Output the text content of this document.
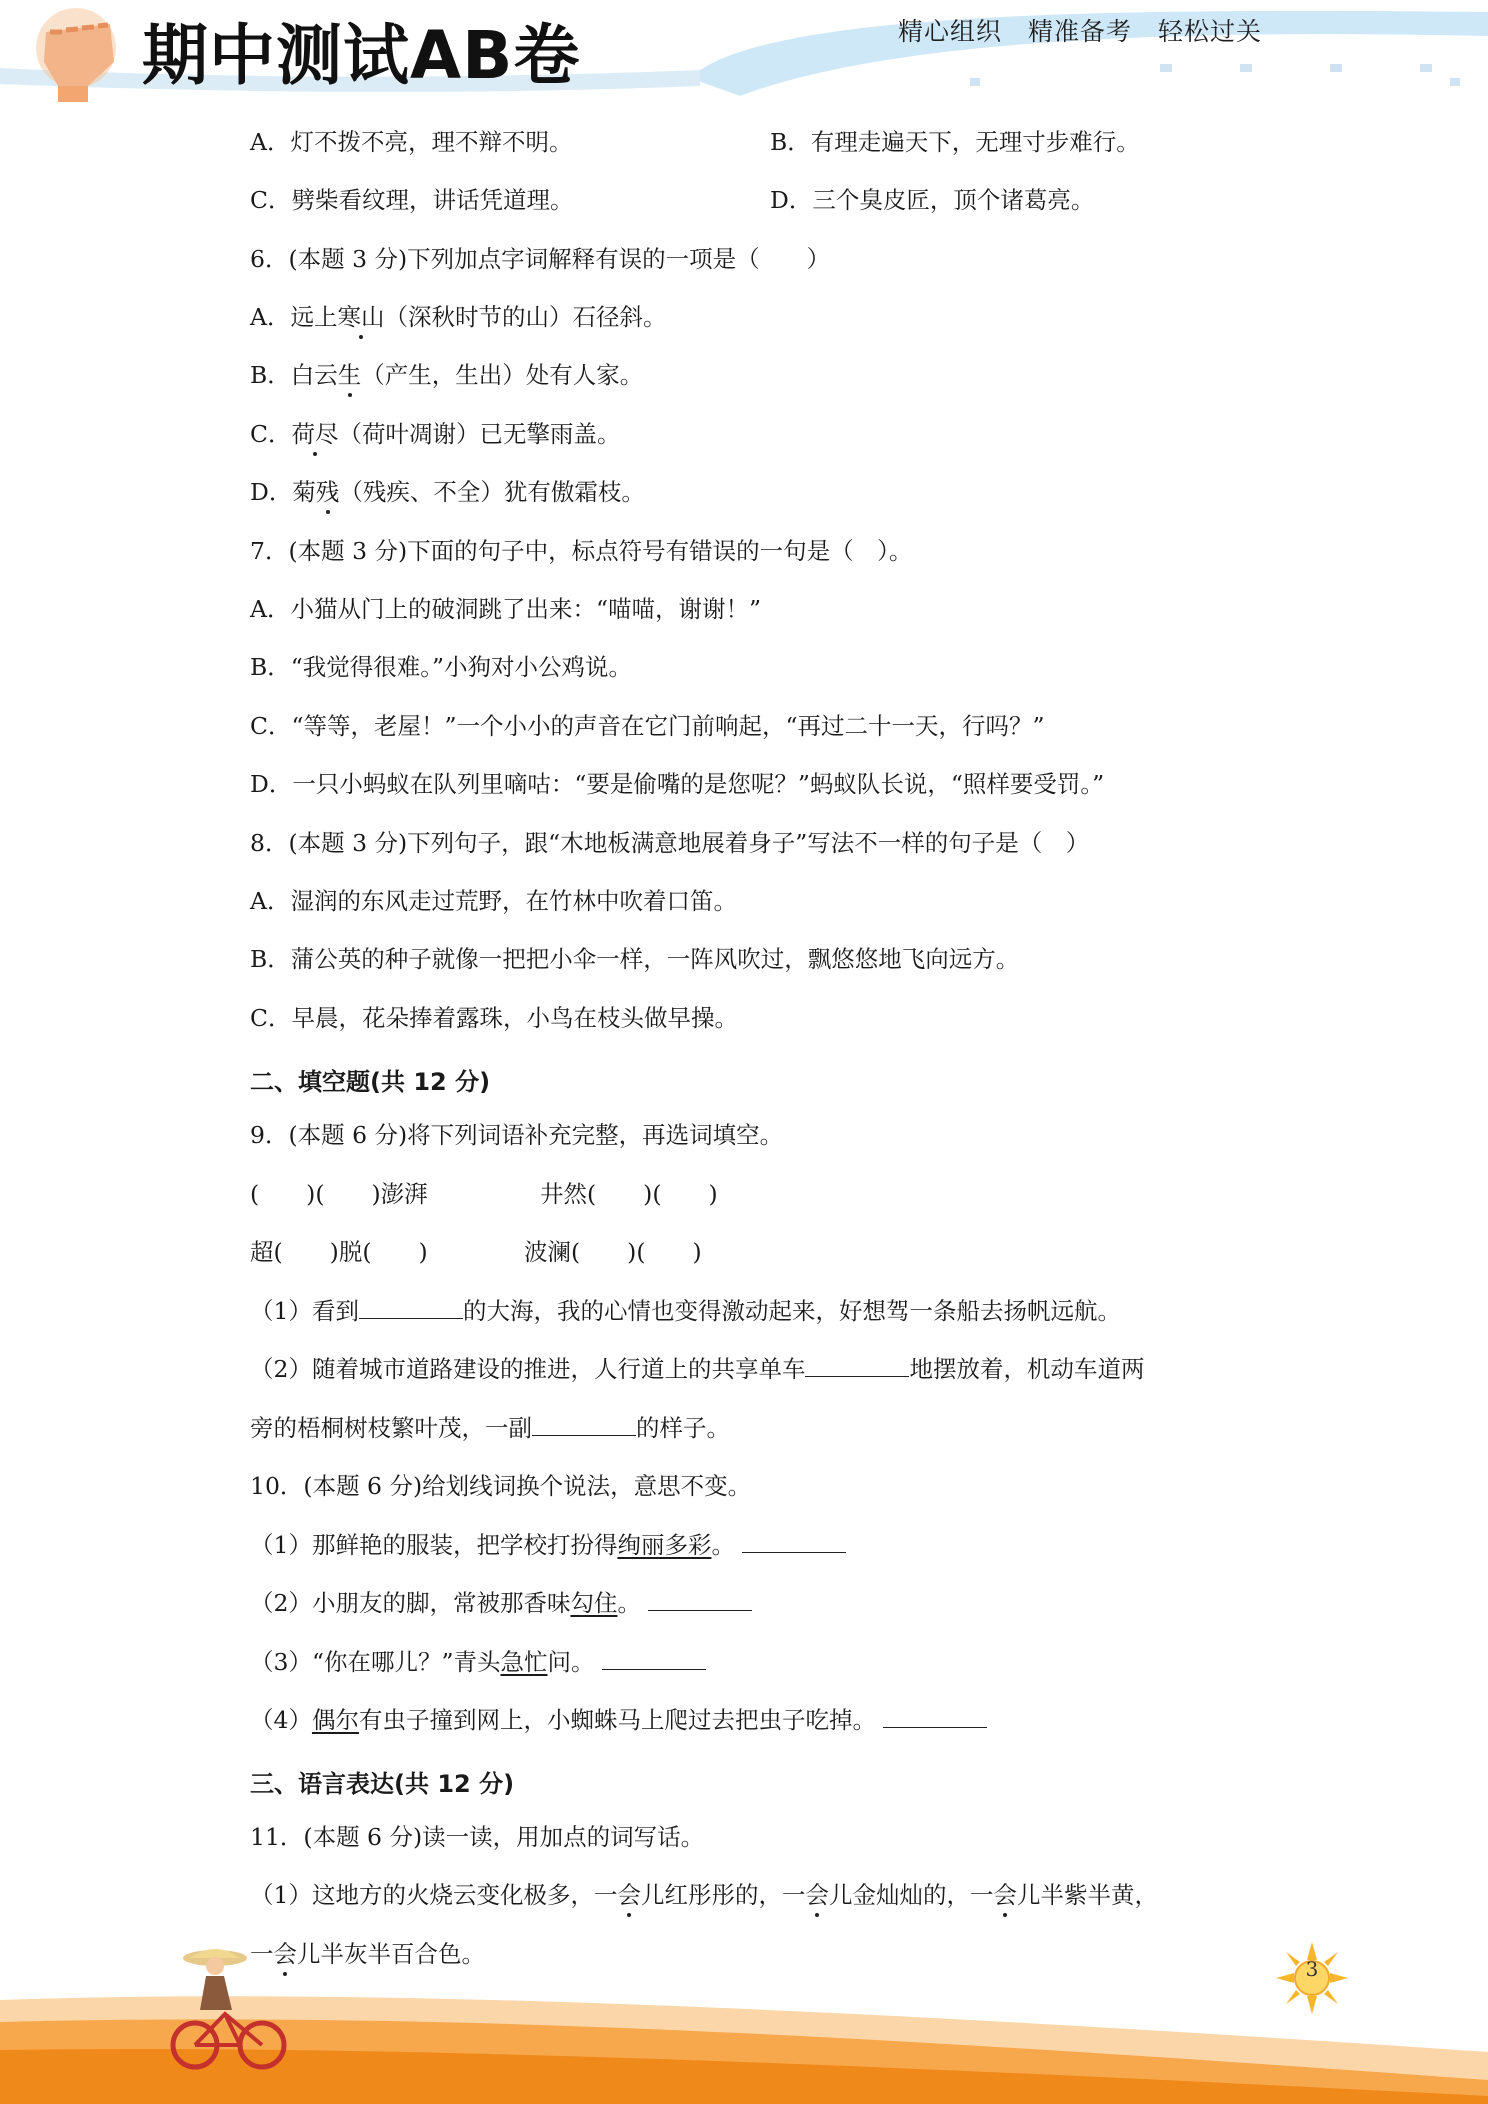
期中测试AB卷	精心组织　精准备考　轻松过关
A．灯不拨不亮，理不辩不明。	B．有理走遍天下，无理寸步难行。
C．劈柴看纹理，讲话凭道理。	D．三个臭皮匠，顶个诸葛亮。
6．(本题 3 分)下列加点字词解释有误的一项是（　　）
A．远上寒山（深秋时节的山）石径斜。
B．白云生（产生，生出）处有人家。
C．荷尽（荷叶凋谢）已无擎雨盖。
D．菊残（残疾、不全）犹有傲霜枝。
7．(本题 3 分)下面的句子中，标点符号有错误的一句是（　）。
A．小猫从门上的破洞跳了出来：“喵喵，谢谢！”
B．“我觉得很难。”小狗对小公鸡说。
C．“等等，老屋！”一个小小的声音在它门前响起，“再过二十一天，行吗？”
D．一只小蚂蚁在队列里嘀咕：“要是偷嘴的是您呢？”蚂蚁队长说，“照样要受罚。”
8．(本题 3 分)下列句子，跟“木地板满意地展着身子”写法不一样的句子是（　）
A．湿润的东风走过荒野，在竹林中吹着口笛。
B．蒲公英的种子就像一把把小伞一样，一阵风吹过，飘悠悠地飞向远方。
C．早晨，花朵捧着露珠，小鸟在枝头做早操。
二、填空题(共 12 分)
9．(本题 6 分)将下列词语补充完整，再选词填空。
(　　)(　　)澎湃	井然(　　)(　　)
超(　　)脱(　　)	波澜(　　)(　　)
（1）看到	的大海，我的心情也变得激动起来，好想驾一条船去扬帆远航。
（2）随着城市道路建设的推进，人行道上的共享单车	地摆放着，机动车道两
旁的梧桐树枝繁叶茂，一副	的样子。
10．(本题 6 分)给划线词换个说法，意思不变。
（1）那鲜艳的服装，把学校打扮得绚丽多彩。
（2）小朋友的脚，常被那香味勾住。
（3）“你在哪儿？”青头急忙问。
（4）偶尔有虫子撞到网上，小蜘蛛马上爬过去把虫子吃掉。
三、语言表达(共 12 分)
11．(本题 6 分)读一读，用加点的词写话。
（1）这地方的火烧云变化极多，一会儿红彤彤的，一会儿金灿灿的，一会儿半紫半黄，
一会儿半灰半百合色。
3
